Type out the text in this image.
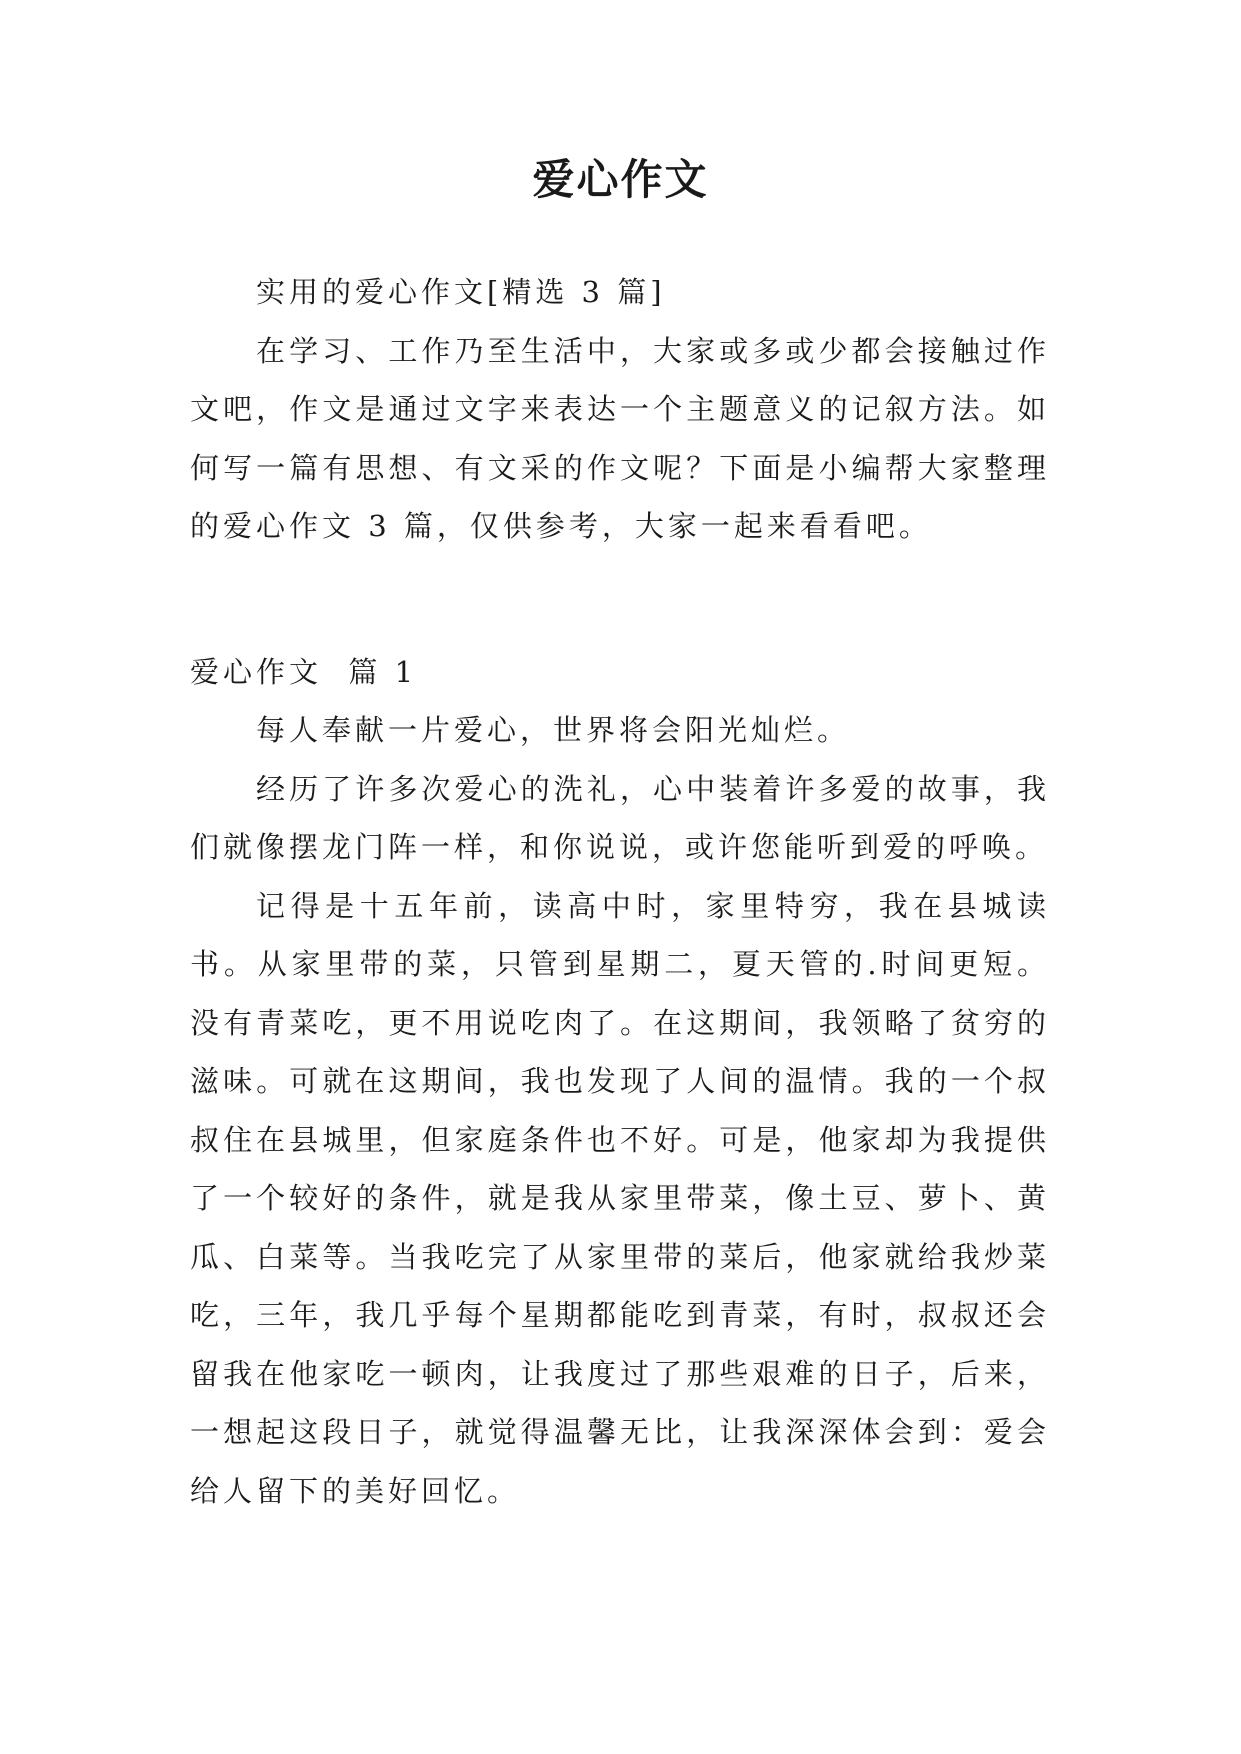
爱心作文

实用的爱心作文[精选 3 篇]

在学习、工作乃至生活中，大家或多或少都会接触过作文吧，作文是通过文字来表达一个主题意义的记叙方法。如何写一篇有思想、有文采的作文呢？下面是小编帮大家整理的爱心作文 3 篇，仅供参考，大家一起来看看吧。

爱心作文  篇 1

每人奉献一片爱心，世界将会阳光灿烂。

经历了许多次爱心的洗礼，心中装着许多爱的故事，我们就像摆龙门阵一样，和你说说，或许您能听到爱的呼唤。

记得是十五年前，读高中时，家里特穷，我在县城读书。从家里带的菜，只管到星期二，夏天管的.时间更短。没有青菜吃，更不用说吃肉了。在这期间，我领略了贫穷的滋味。可就在这期间，我也发现了人间的温情。我的一个叔叔住在县城里，但家庭条件也不好。可是，他家却为我提供了一个较好的条件，就是我从家里带菜，像土豆、萝卜、黄瓜、白菜等。当我吃完了从家里带的菜后，他家就给我炒菜吃，三年，我几乎每个星期都能吃到青菜，有时，叔叔还会留我在他家吃一顿肉，让我度过了那些艰难的日子，后来，一想起这段日子，就觉得温馨无比，让我深深体会到：爱会给人留下的美好回忆。
